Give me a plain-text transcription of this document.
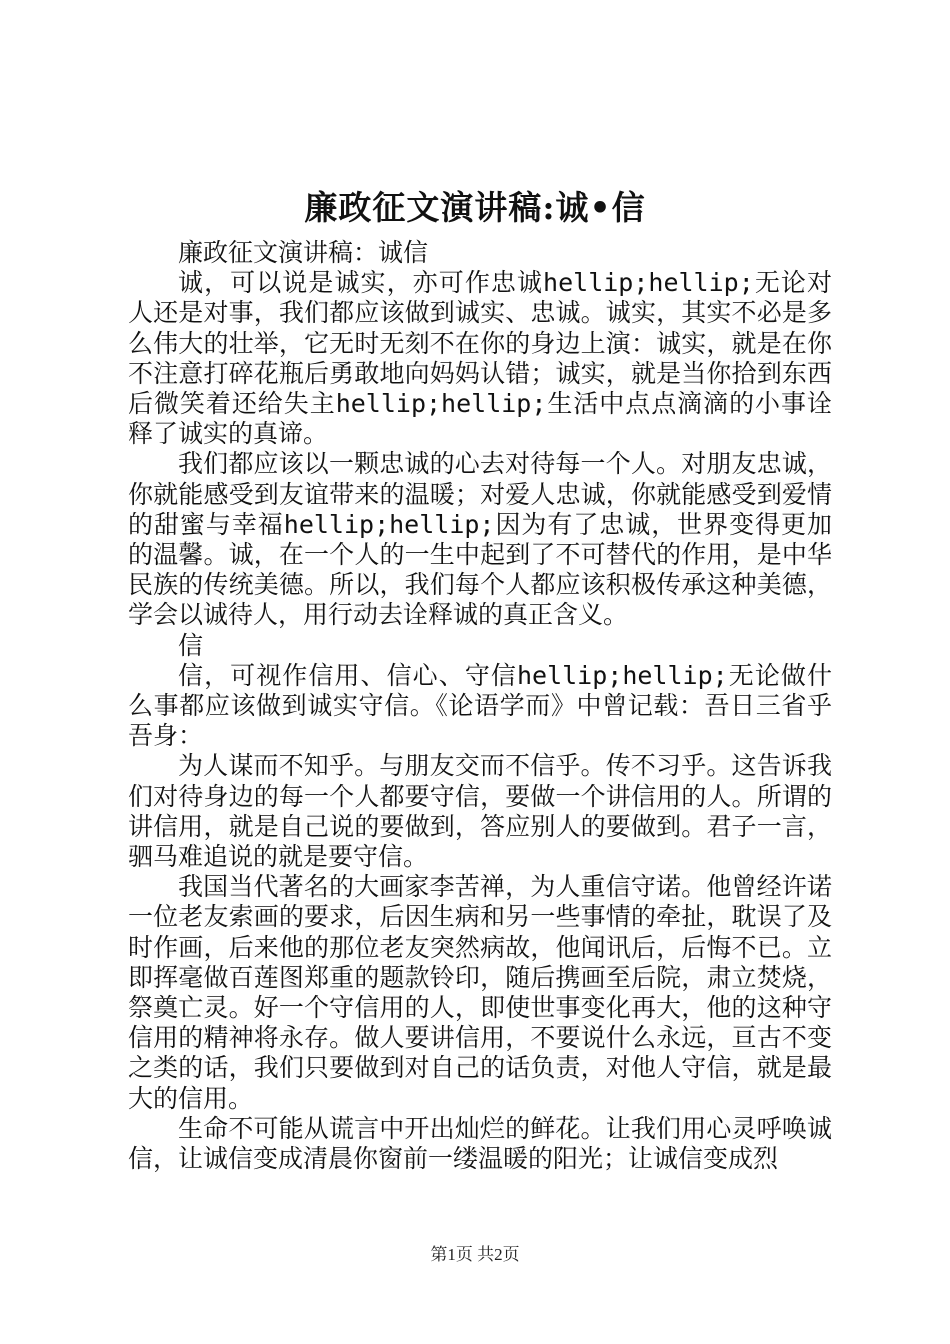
廉政征文演讲稿:诚•信

廉政征文演讲稿：诚信

诚，可以说是诚实，亦可作忠诚hellip;hellip;无论对人还是对事，我们都应该做到诚实、忠诚。诚实，其实不必是多么伟大的壮举，它无时无刻不在你的身边上演：诚实，就是在你不注意打碎花瓶后勇敢地向妈妈认错；诚实，就是当你拾到东西后微笑着还给失主hellip;hellip;生活中点点滴滴的小事诠释了诚实的真谛。

我们都应该以一颗忠诚的心去对待每一个人。对朋友忠诚，你就能感受到友谊带来的温暖；对爱人忠诚，你就能感受到爱情的甜蜜与幸福hellip;hellip;因为有了忠诚，世界变得更加的温馨。诚，在一个人的一生中起到了不可替代的作用，是中华民族的传统美德。所以，我们每个人都应该积极传承这种美德，学会以诚待人，用行动去诠释诚的真正含义。

信

信，可视作信用、信心、守信hellip;hellip;无论做什么事都应该做到诚实守信。《论语学而》中曾记载：吾日三省乎吾身：

为人谋而不知乎。与朋友交而不信乎。传不习乎。这告诉我们对待身边的每一个人都要守信，要做一个讲信用的人。所谓的讲信用，就是自己说的要做到，答应别人的要做到。君子一言，驷马难追说的就是要守信。

我国当代著名的大画家李苦禅，为人重信守诺。他曾经许诺一位老友索画的要求，后因生病和另一些事情的牵扯，耽误了及时作画，后来他的那位老友突然病故，他闻讯后，后悔不已。立即挥毫做百莲图郑重的题款铃印，随后携画至后院，肃立焚烧，祭奠亡灵。好一个守信用的人，即使世事变化再大，他的这种守信用的精神将永存。做人要讲信用，不要说什么永远，亘古不变之类的话，我们只要做到对自己的话负责，对他人守信，就是最大的信用。

生命不可能从谎言中开出灿烂的鲜花。让我们用心灵呼唤诚信，让诚信变成清晨你窗前一缕温暖的阳光；让诚信变成烈

第1页 共2页
